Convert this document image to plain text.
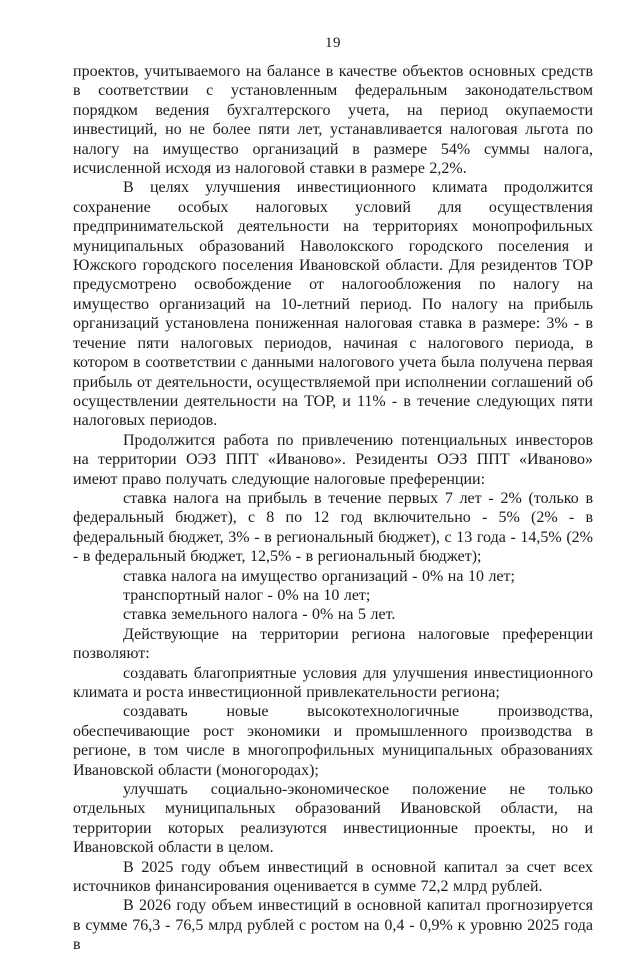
19

проектов, учитываемого на балансе в качестве объектов основных средств в соответствии с установленным федеральным законодательством порядком ведения бухгалтерского учета, на период окупаемости инвестиций, но не более пяти лет, устанавливается налоговая льгота по налогу на имущество организаций в размере 54% суммы налога, исчисленной исходя из налоговой ставки в размере 2,2%.

В целях улучшения инвестиционного климата продолжится сохранение особых налоговых условий для осуществления предпринимательской деятельности на территориях монопрофильных муниципальных образований Наволокского городского поселения и Южского городского поселения Ивановской области. Для резидентов ТОР предусмотрено освобождение от налогообложения по налогу на имущество организаций на 10-летний период. По налогу на прибыль организаций установлена пониженная налоговая ставка в размере: 3% - в течение пяти налоговых периодов, начиная с налогового периода, в котором в соответствии с данными налогового учета была получена первая прибыль от деятельности, осуществляемой при исполнении соглашений об осуществлении деятельности на ТОР, и 11% - в течение следующих пяти налоговых периодов.

Продолжится работа по привлечению потенциальных инвесторов на территории ОЭЗ ППТ «Иваново». Резиденты ОЭЗ ППТ «Иваново» имеют право получать следующие налоговые преференции:

ставка налога на прибыль в течение первых 7 лет - 2% (только в федеральный бюджет), с 8 по 12 год включительно - 5% (2% - в федеральный бюджет, 3% - в региональный бюджет), с 13 года - 14,5% (2% - в федеральный бюджет, 12,5% - в региональный бюджет);

ставка налога на имущество организаций - 0% на 10 лет;

транспортный налог - 0% на 10 лет;

ставка земельного налога - 0% на 5 лет.

Действующие на территории региона налоговые преференции позволяют:

создавать благоприятные условия для улучшения инвестиционного климата и роста инвестиционной привлекательности региона;

создавать новые высокотехнологичные производства, обеспечивающие рост экономики и промышленного производства в регионе, в том числе в многопрофильных муниципальных образованиях Ивановской области (моногородах);

улучшать социально-экономическое положение не только отдельных муниципальных образований Ивановской области, на территории которых реализуются инвестиционные проекты, но и Ивановской области в целом.

В 2025 году объем инвестиций в основной капитал за счет всех источников финансирования оценивается в сумме 72,2 млрд рублей.

В 2026 году объем инвестиций в основной капитал прогнозируется в сумме 76,3 - 76,5 млрд рублей с ростом на 0,4 - 0,9% к уровню 2025 года в
